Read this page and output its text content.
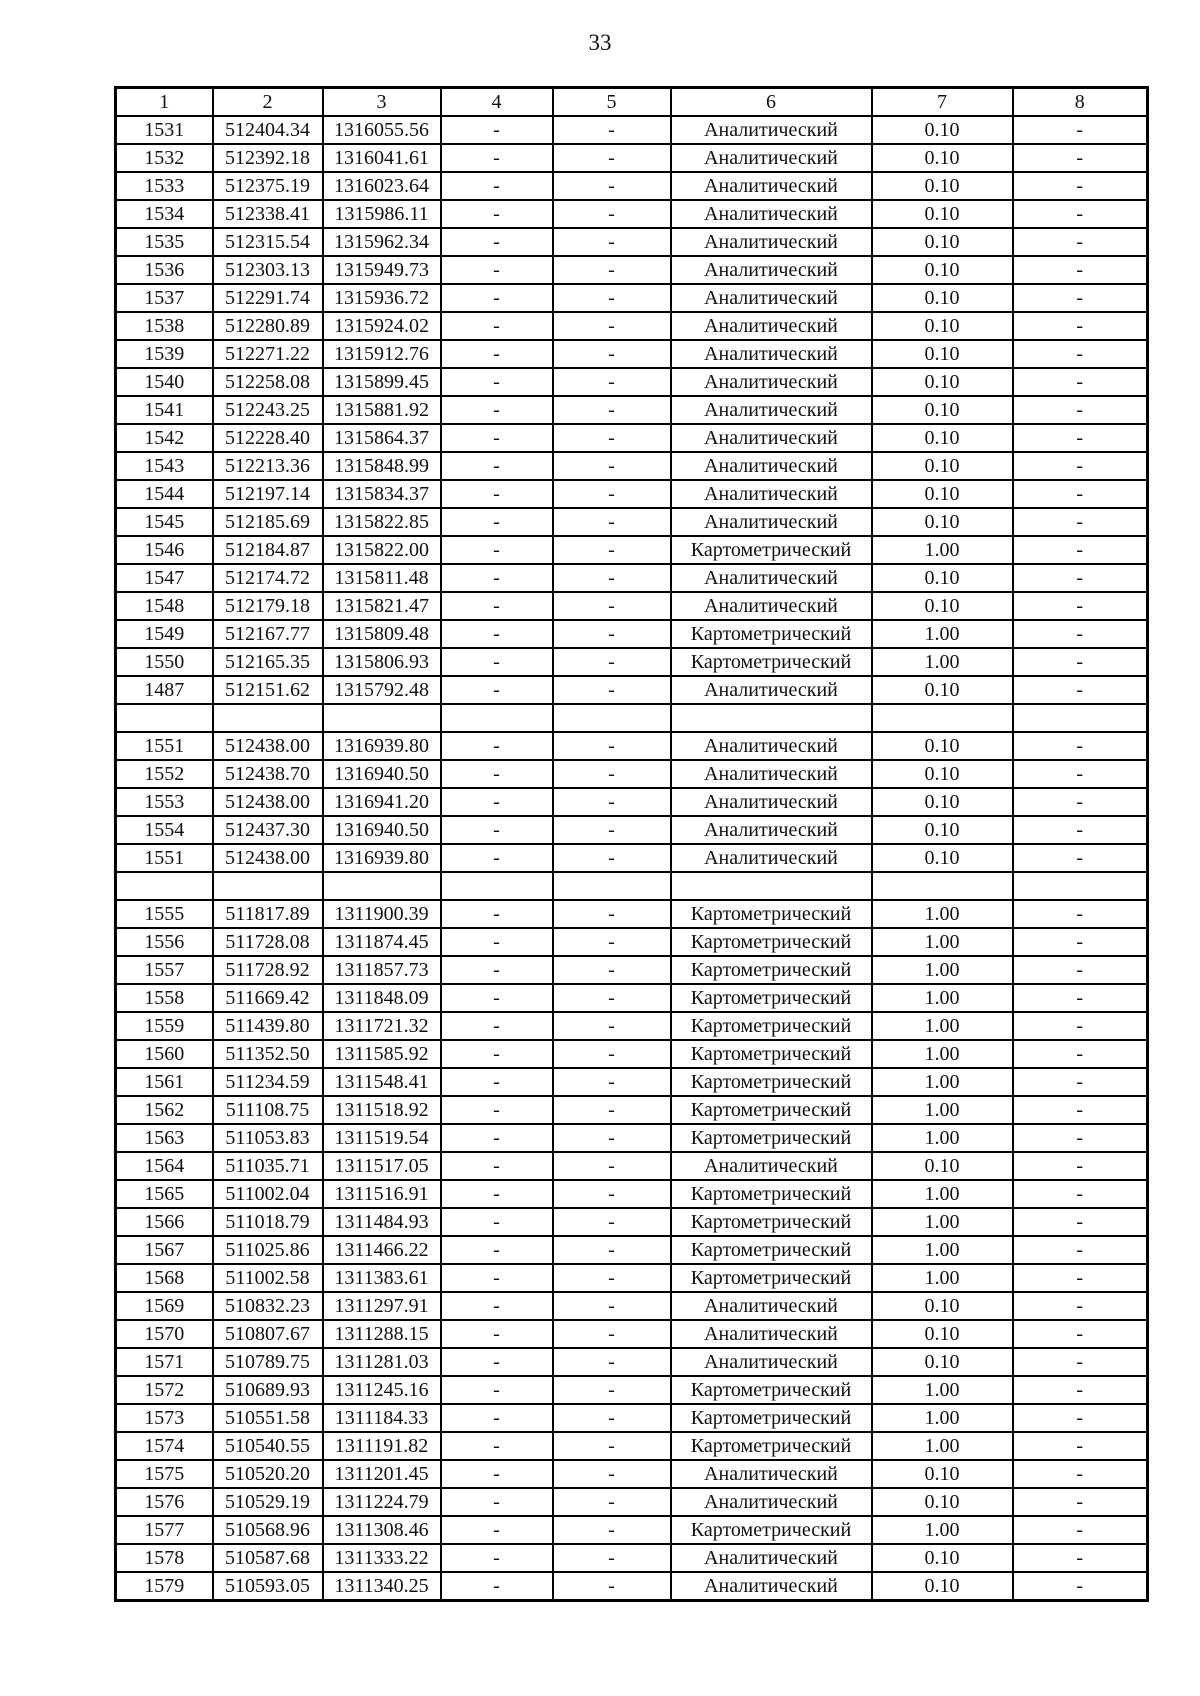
33
1	2	3	4	5	6	7	8
1531	512404.34	1316055.56	-	-	Аналитический	0.10	-
1532	512392.18	1316041.61	-	-	Аналитический	0.10	-
1533	512375.19	1316023.64	-	-	Аналитический	0.10	-
1534	512338.41	1315986.11	-	-	Аналитический	0.10	-
1535	512315.54	1315962.34	-	-	Аналитический	0.10	-
1536	512303.13	1315949.73	-	-	Аналитический	0.10	-
1537	512291.74	1315936.72	-	-	Аналитический	0.10	-
1538	512280.89	1315924.02	-	-	Аналитический	0.10	-
1539	512271.22	1315912.76	-	-	Аналитический	0.10	-
1540	512258.08	1315899.45	-	-	Аналитический	0.10	-
1541	512243.25	1315881.92	-	-	Аналитический	0.10	-
1542	512228.40	1315864.37	-	-	Аналитический	0.10	-
1543	512213.36	1315848.99	-	-	Аналитический	0.10	-
1544	512197.14	1315834.37	-	-	Аналитический	0.10	-
1545	512185.69	1315822.85	-	-	Аналитический	0.10	-
1546	512184.87	1315822.00	-	-	Картометрический	1.00	-
1547	512174.72	1315811.48	-	-	Аналитический	0.10	-
1548	512179.18	1315821.47	-	-	Аналитический	0.10	-
1549	512167.77	1315809.48	-	-	Картометрический	1.00	-
1550	512165.35	1315806.93	-	-	Картометрический	1.00	-
1487	512151.62	1315792.48	-	-	Аналитический	0.10	-

1551	512438.00	1316939.80	-	-	Аналитический	0.10	-
1552	512438.70	1316940.50	-	-	Аналитический	0.10	-
1553	512438.00	1316941.20	-	-	Аналитический	0.10	-
1554	512437.30	1316940.50	-	-	Аналитический	0.10	-
1551	512438.00	1316939.80	-	-	Аналитический	0.10	-

1555	511817.89	1311900.39	-	-	Картометрический	1.00	-
1556	511728.08	1311874.45	-	-	Картометрический	1.00	-
1557	511728.92	1311857.73	-	-	Картометрический	1.00	-
1558	511669.42	1311848.09	-	-	Картометрический	1.00	-
1559	511439.80	1311721.32	-	-	Картометрический	1.00	-
1560	511352.50	1311585.92	-	-	Картометрический	1.00	-
1561	511234.59	1311548.41	-	-	Картометрический	1.00	-
1562	511108.75	1311518.92	-	-	Картометрический	1.00	-
1563	511053.83	1311519.54	-	-	Картометрический	1.00	-
1564	511035.71	1311517.05	-	-	Аналитический	0.10	-
1565	511002.04	1311516.91	-	-	Картометрический	1.00	-
1566	511018.79	1311484.93	-	-	Картометрический	1.00	-
1567	511025.86	1311466.22	-	-	Картометрический	1.00	-
1568	511002.58	1311383.61	-	-	Картометрический	1.00	-
1569	510832.23	1311297.91	-	-	Аналитический	0.10	-
1570	510807.67	1311288.15	-	-	Аналитический	0.10	-
1571	510789.75	1311281.03	-	-	Аналитический	0.10	-
1572	510689.93	1311245.16	-	-	Картометрический	1.00	-
1573	510551.58	1311184.33	-	-	Картометрический	1.00	-
1574	510540.55	1311191.82	-	-	Картометрический	1.00	-
1575	510520.20	1311201.45	-	-	Аналитический	0.10	-
1576	510529.19	1311224.79	-	-	Аналитический	0.10	-
1577	510568.96	1311308.46	-	-	Картометрический	1.00	-
1578	510587.68	1311333.22	-	-	Аналитический	0.10	-
1579	510593.05	1311340.25	-	-	Аналитический	0.10	-
